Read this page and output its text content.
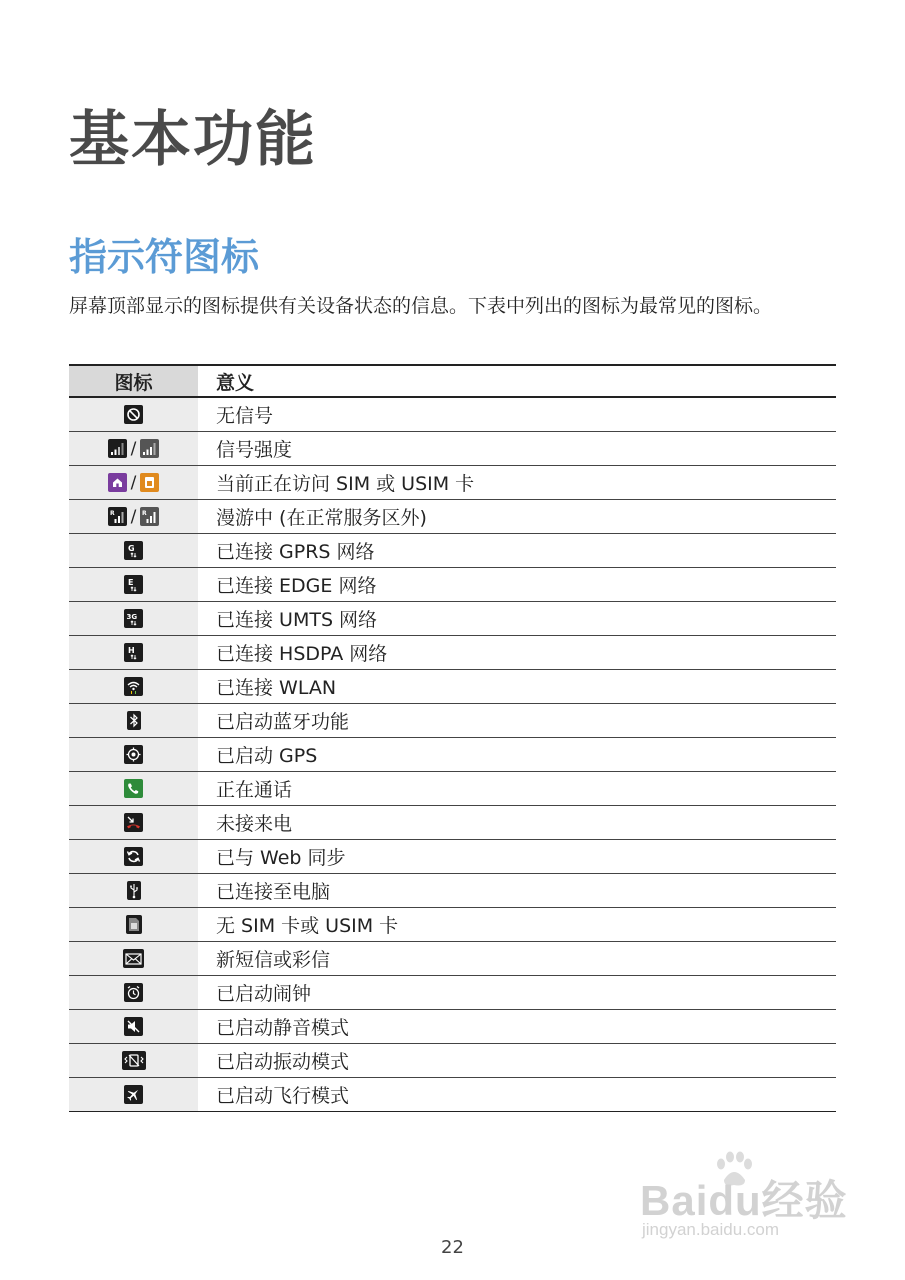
基本功能
指示符图标

屏幕顶部显示的图标提供有关设备状态的信息。下表中列出的图标为最常见的图标。

图标	意义

	无信号

/	信号强度

/	当前正在访问 SIM 或 USIM 卡

R / R	漫游中 (在正常服务区外)

G	已连接 GPRS 网络

E	已连接 EDGE 网络

3G	已连接 UMTS 网络

H	已连接 HSDPA 网络

	已连接 WLAN

	已启动蓝牙功能

	已启动 GPS

	正在通话

	未接来电

	已与 Web 同步

	已连接至电脑

	无 SIM 卡或 USIM 卡

	新短信或彩信

	已启动闹钟

	已启动静音模式

	已启动振动模式

	已启动飞行模式
Baidu经验
jingyan.baidu.com
22
